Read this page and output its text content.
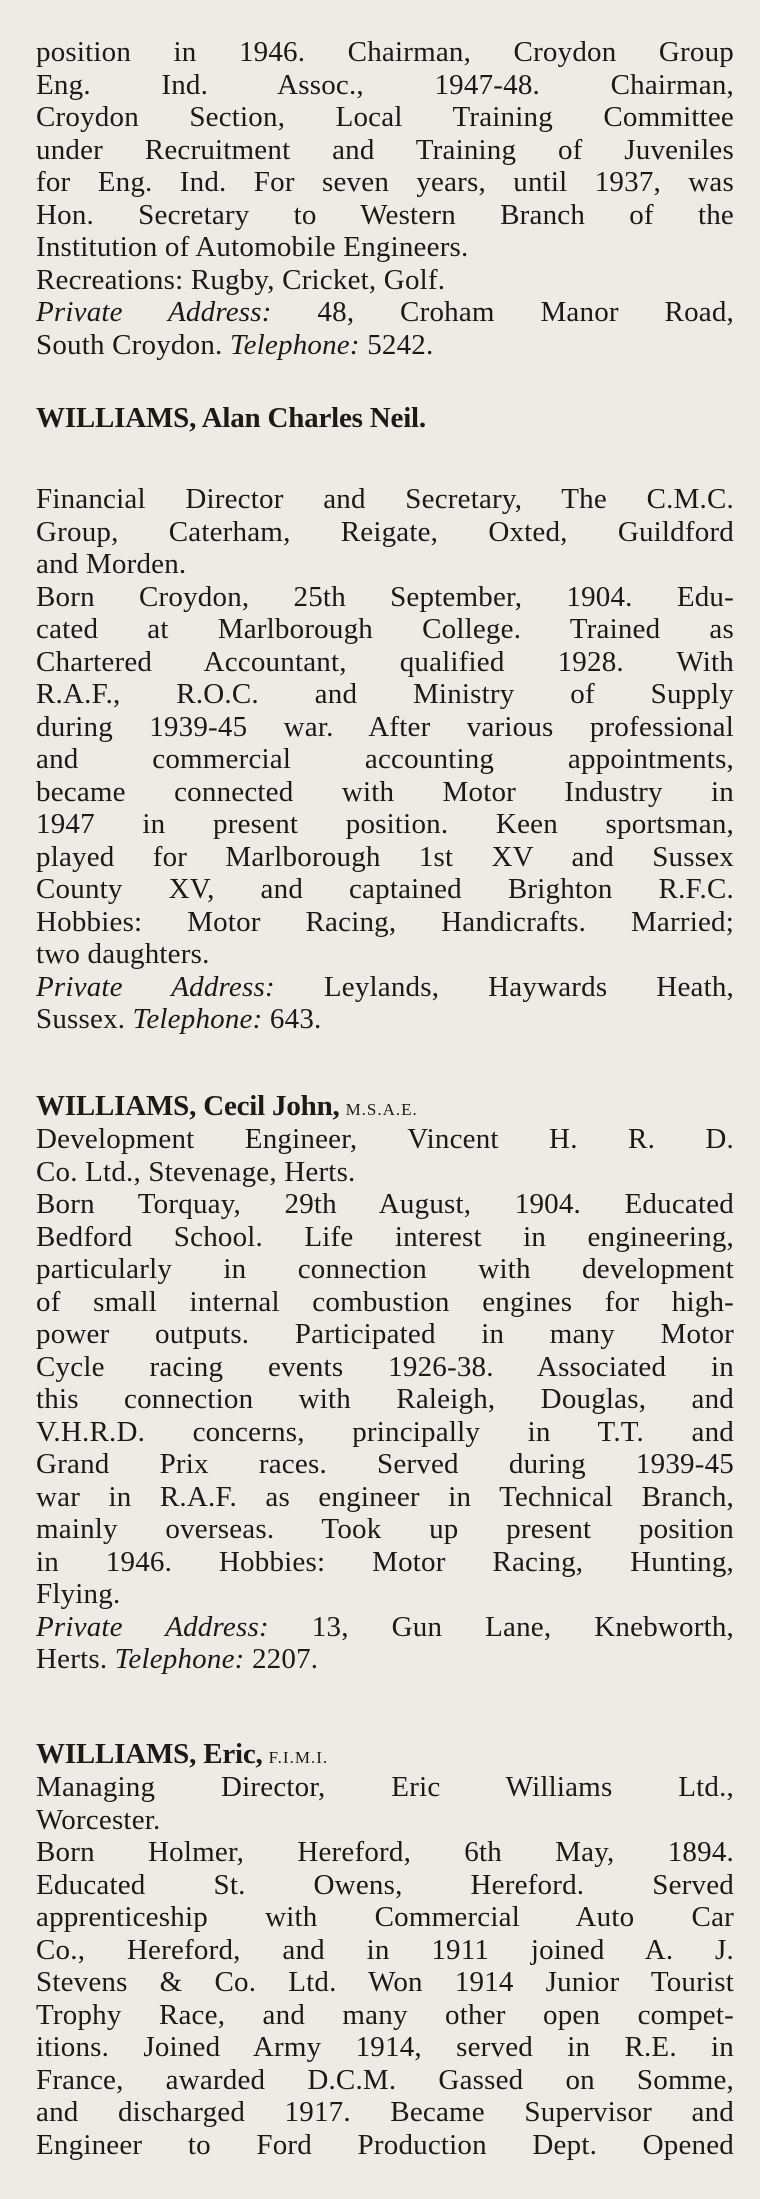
position in 1946. Chairman, Croydon Group
Eng. Ind. Assoc., 1947-48. Chairman,
Croydon Section, Local Training Committee
under Recruitment and Training of Juveniles
for Eng. Ind. For seven years, until 1937, was
Hon. Secretary to Western Branch of the
Institution of Automobile Engineers.
Recreations: Rugby, Cricket, Golf.
Private Address: 48, Croham Manor Road,
South Croydon. Telephone: 5242.
WILLIAMS, Alan Charles Neil.
Financial Director and Secretary, The C.M.C.
Group, Caterham, Reigate, Oxted, Guildford
and Morden.
Born Croydon, 25th September, 1904. Edu-
cated at Marlborough College. Trained as
Chartered Accountant, qualified 1928. With
R.A.F., R.O.C. and Ministry of Supply
during 1939-45 war. After various professional
and commercial accounting appointments,
became connected with Motor Industry in
1947 in present position. Keen sportsman,
played for Marlborough 1st XV and Sussex
County XV, and captained Brighton R.F.C.
Hobbies: Motor Racing, Handicrafts. Married;
two daughters.
Private Address: Leylands, Haywards Heath,
Sussex. Telephone: 643.
WILLIAMS, Cecil John, M.S.A.E.
Development Engineer, Vincent H. R. D.
Co. Ltd., Stevenage, Herts.
Born Torquay, 29th August, 1904. Educated
Bedford School. Life interest in engineering,
particularly in connection with development
of small internal combustion engines for high-
power outputs. Participated in many Motor
Cycle racing events 1926-38. Associated in
this connection with Raleigh, Douglas, and
V.H.R.D. concerns, principally in T.T. and
Grand Prix races. Served during 1939-45
war in R.A.F. as engineer in Technical Branch,
mainly overseas. Took up present position
in 1946. Hobbies: Motor Racing, Hunting,
Flying.
Private Address: 13, Gun Lane, Knebworth,
Herts. Telephone: 2207.
WILLIAMS, Eric, F.I.M.I.
Managing Director, Eric Williams Ltd.,
Worcester.
Born Holmer, Hereford, 6th May, 1894.
Educated St. Owens, Hereford. Served
apprenticeship with Commercial Auto Car
Co., Hereford, and in 1911 joined A. J.
Stevens & Co. Ltd. Won 1914 Junior Tourist
Trophy Race, and many other open compet-
itions. Joined Army 1914, served in R.E. in
France, awarded D.C.M. Gassed on Somme,
and discharged 1917. Became Supervisor and
Engineer to Ford Production Dept. Opened
